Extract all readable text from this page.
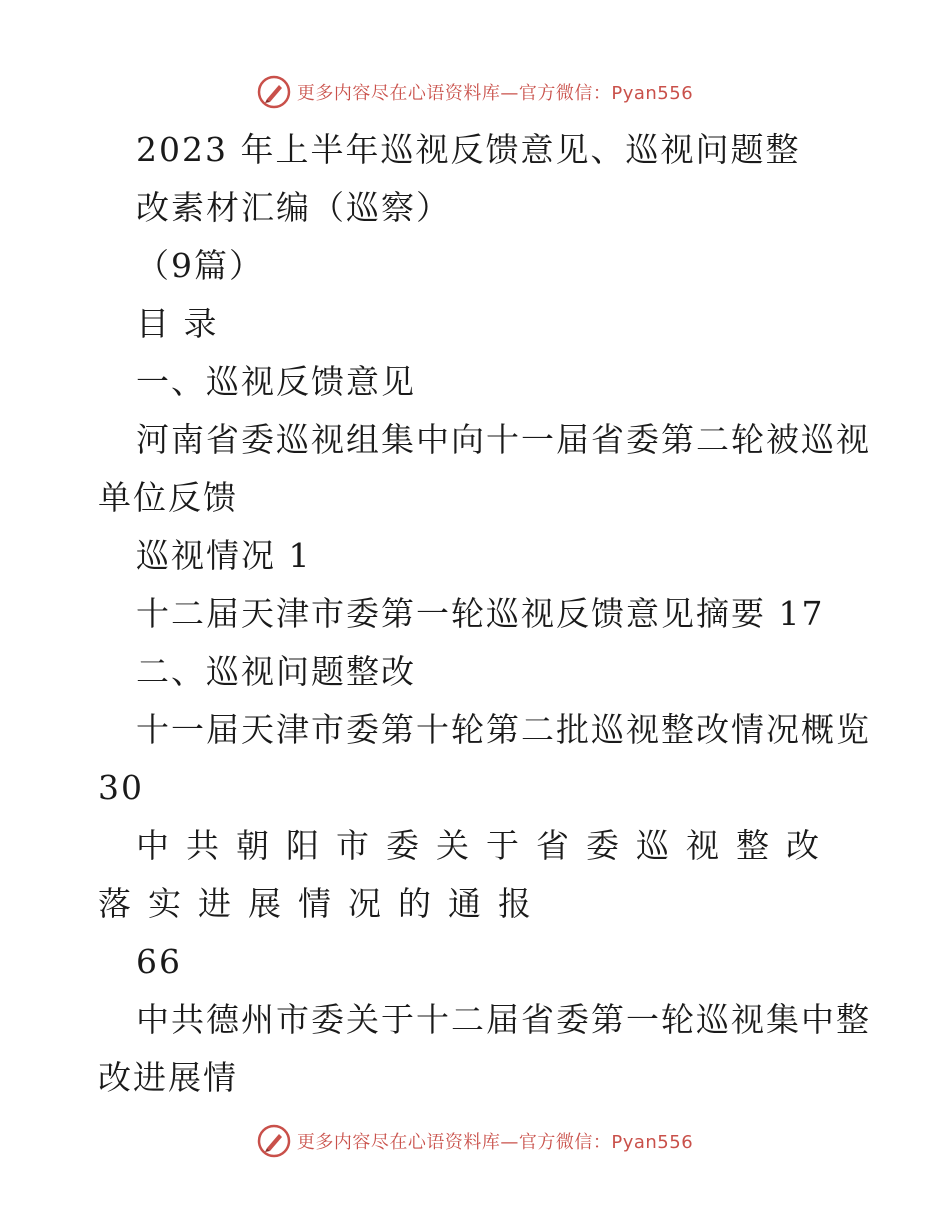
更多内容尽在心语资料库—官方微信：Pyan556
2023 年上半年巡视反馈意见、巡视问题整
改素材汇编（巡察）
（9篇）
目 录
一、巡视反馈意见
河南省委巡视组集中向十一届省委第二轮被巡视
单位反馈
巡视情况 1
十二届天津市委第一轮巡视反馈意见摘要 17
二、巡视问题整改
十一届天津市委第十轮第二批巡视整改情况概览
30
中共朝阳市委关于省委巡视整改
落实进展情况的通报
66
中共德州市委关于十二届省委第一轮巡视集中整
改进展情
更多内容尽在心语资料库—官方微信：Pyan556
